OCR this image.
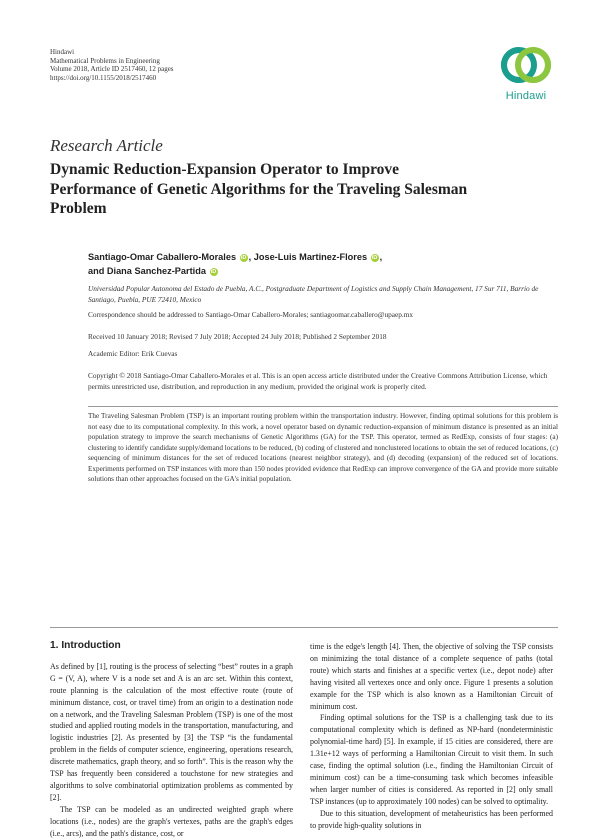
Hindawi
Mathematical Problems in Engineering
Volume 2018, Article ID 2517460, 12 pages
https://doi.org/10.1155/2018/2517460
Hindawi
Research Article
Dynamic Reduction-Expansion Operator to Improve Performance of Genetic Algorithms for the Traveling Salesman Problem
Santiago-Omar Caballero-Morales iD , Jose-Luis Martinez-Flores iD ,
and Diana Sanchez-Partida iD
Universidad Popular Autonoma del Estado de Puebla, A.C., Postgraduate Department of Logistics and Supply Chain Management, 17 Sur 711, Barrio de Santiago, Puebla, PUE 72410, Mexico
Correspondence should be addressed to Santiago-Omar Caballero-Morales; santiagoomar.caballero@upaep.mx
Received 10 January 2018; Revised 7 July 2018; Accepted 24 July 2018; Published 2 September 2018
Academic Editor: Erik Cuevas
Copyright © 2018 Santiago-Omar Caballero-Morales et al. This is an open access article distributed under the Creative Commons Attribution License, which permits unrestricted use, distribution, and reproduction in any medium, provided the original work is properly cited.
The Traveling Salesman Problem (TSP) is an important routing problem within the transportation industry. However, finding optimal solutions for this problem is not easy due to its computational complexity. In this work, a novel operator based on dynamic reduction-expansion of minimum distance is presented as an initial population strategy to improve the search mechanisms of Genetic Algorithms (GA) for the TSP. This operator, termed as RedExp, consists of four stages: (a) clustering to identify candidate supply/demand locations to be reduced, (b) coding of clustered and nonclustered locations to obtain the set of reduced locations, (c) sequencing of minimum distances for the set of reduced locations (nearest neighbor strategy), and (d) decoding (expansion) of the reduced set of locations. Experiments performed on TSP instances with more than 150 nodes provided evidence that RedExp can improve convergence of the GA and provide more suitable solutions than other approaches focused on the GA's initial population.
1. Introduction

As defined by [1], routing is the process of selecting “best” routes in a graph G = (V, A), where V is a node set and A is an arc set. Within this context, route planning is the calculation of the most effective route (route of minimum distance, cost, or travel time) from an origin to a destination node on a network, and the Traveling Salesman Problem (TSP) is one of the most studied and applied routing models in the transportation, manufacturing, and logistic industries [2]. As presented by [3] the TSP “is the fundamental problem in the fields of computer science, engineering, operations research, discrete mathematics, graph theory, and so forth”. This is the reason why the TSP has frequently been considered a touchstone for new strategies and algorithms to solve combinatorial optimization problems as commented by [2].

The TSP can be modeled as an undirected weighted graph where locations (i.e., nodes) are the graph's vertexes, paths are the graph's edges (i.e., arcs), and the path's distance, cost, or

time is the edge's length [4]. Then, the objective of solving the TSP consists on minimizing the total distance of a complete sequence of paths (total route) which starts and finishes at a specific vertex (i.e., depot node) after having visited all vertexes once and only once. Figure 1 presents a solution example for the TSP which is also known as a Hamiltonian Circuit of minimum cost.

Finding optimal solutions for the TSP is a challenging task due to its computational complexity which is defined as NP-hard (nondeterministic polynomial-time hard) [5]. In example, if 15 cities are considered, there are 1.31e+12 ways of performing a Hamiltonian Circuit to visit them. In such case, finding the optimal solution (i.e., finding the Hamiltonian Circuit of minimum cost) can be a time-consuming task which becomes infeasible when larger number of cities is considered. As reported in [2] only small TSP instances (up to approximately 100 nodes) can be solved to optimality.

Due to this situation, development of metaheuristics has been performed to provide high-quality solutions in
